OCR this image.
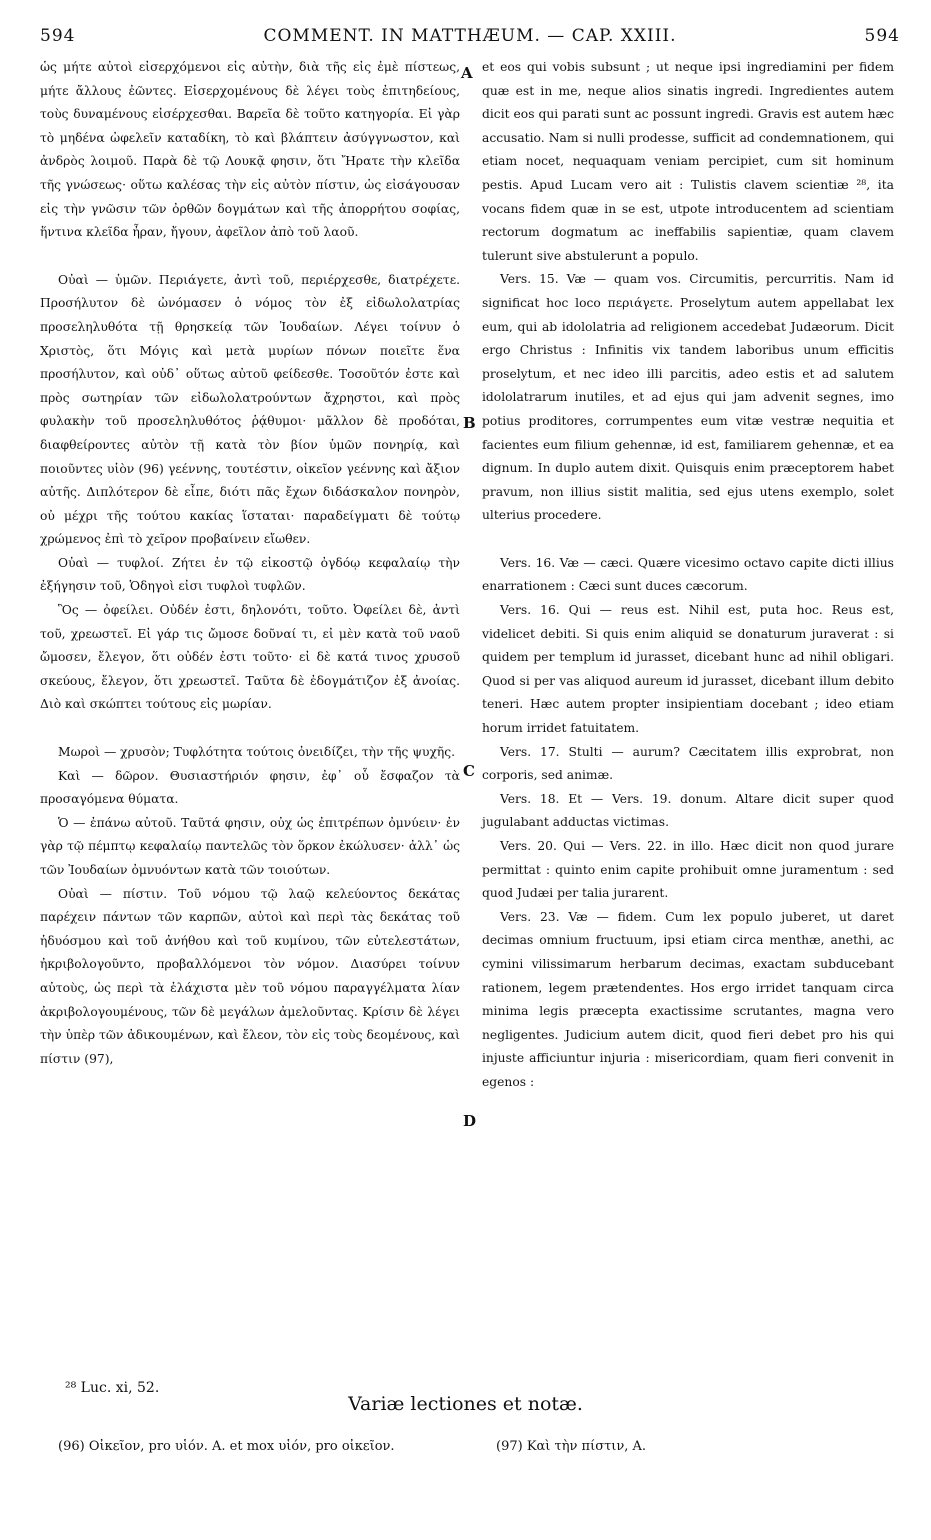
594	COMMENT. IN MATTHÆUM. — CAP. XXIII.	594

ὡς μήτε αὐτοὶ εἰσερχόμενοι εἰς αὐτὴν, διὰ τῆς εἰς ἐμὲ πίστεως, μήτε ἄλλους ἐῶντες. Εἰσερχομένους δὲ λέγει τοὺς ἐπιτηδείους, τοὺς δυναμένους εἰσέρχεσθαι. Βαρεῖα δὲ τοῦτο κατηγορία. Εἰ γὰρ τὸ μηδένα ὠφελεῖν καταδίκη, τὸ καὶ βλάπτειν ἀσύγγνωστον, καὶ ἀνδρὸς λοιμοῦ. Παρὰ δὲ τῷ Λουκᾷ φησιν, ὅτι Ἤρατε τὴν κλεῖδα τῆς γνώσεως· οὕτω καλέσας τὴν εἰς αὐτὸν πίστιν, ὡς εἰσάγουσαν εἰς τὴν γνῶσιν τῶν ὀρθῶν δογμάτων καὶ τῆς ἀπορρήτου σοφίας, ἥντινα κλεῖδα ἦραν, ἤγουν, ἀφεῖλον ἀπὸ τοῦ λαοῦ.

Οὐαὶ — ὑμῶν. Περιάγετε, ἀντὶ τοῦ, περιέρχεσθε, διατρέχετε. Προσήλυτον δὲ ὠνόμασεν ὁ νόμος τὸν ἐξ εἰδωλολατρίας προσεληλυθότα τῇ θρησκείᾳ τῶν Ἰουδαίων. Λέγει τοίνυν ὁ Χριστὸς, ὅτι Μόγις καὶ μετὰ μυρίων πόνων ποιεῖτε ἕνα προσήλυτον, καὶ οὐδ᾽ οὕτως αὐτοῦ φείδεσθε. Τοσοῦτόν ἐστε καὶ πρὸς σωτηρίαν τῶν εἰδωλολατρούντων ἄχρηστοι, καὶ πρὸς φυλακὴν τοῦ προσεληλυθότος ῥᾴθυμοι· μᾶλλον δὲ προδόται, διαφθείροντες αὐτὸν τῇ κατὰ τὸν βίον ὑμῶν πονηρίᾳ, καὶ ποιοῦντες υἱὸν (96) γεέννης, τουτέστιν, οἰκεῖον γεέννης καὶ ἄξιον αὐτῆς. Διπλότερον δὲ εἶπε, διότι πᾶς ἔχων διδάσκαλον πονηρὸν, οὐ μέχρι τῆς τούτου κακίας ἵσταται· παραδείγματι δὲ τούτῳ χρώμενος ἐπὶ τὸ χεῖρον προβαίνειν εἴωθεν.

Οὐαὶ — τυφλοί. Ζήτει ἐν τῷ εἰκοστῷ ὀγδόῳ κεφαλαίῳ τὴν ἐξήγησιν τοῦ, Ὁδηγοὶ εἰσι τυφλοὶ τυφλῶν.

Ὃς — ὀφείλει. Οὐδέν ἐστι, δηλονότι, τοῦτο. Ὀφείλει δὲ, ἀντὶ τοῦ, χρεωστεῖ. Εἰ γάρ τις ὤμοσε δοῦναί τι, εἰ μὲν κατὰ τοῦ ναοῦ ὤμοσεν, ἔλεγον, ὅτι οὐδέν ἐστι τοῦτο· εἰ δὲ κατά τινος χρυσοῦ σκεύους, ἔλεγον, ὅτι χρεωστεῖ. Ταῦτα δὲ ἐδογμάτιζον ἐξ ἀνοίας. Διὸ καὶ σκώπτει τούτους εἰς μωρίαν.

Μωροὶ — χρυσὸν; Τυφλότητα τούτοις ὀνειδίζει, τὴν τῆς ψυχῆς.

Καὶ — δῶρον. Θυσιαστήριόν φησιν, ἐφ᾽ οὗ ἔσφαζον τὰ προσαγόμενα θύματα.

Ὁ — ἐπάνω αὐτοῦ. Ταῦτά φησιν, οὐχ ὡς ἐπιτρέπων ὀμνύειν· ἐν γὰρ τῷ πέμπτῳ κεφαλαίῳ παντελῶς τὸν ὅρκον ἐκώλυσεν· ἀλλ᾽ ὡς τῶν Ἰουδαίων ὀμνυόντων κατὰ τῶν τοιούτων.

Οὐαὶ — πίστιν. Τοῦ νόμου τῷ λαῷ κελεύοντος δεκάτας παρέχειν πάντων τῶν καρπῶν, αὐτοὶ καὶ περὶ τὰς δεκάτας τοῦ ἡδυόσμου καὶ τοῦ ἀνήθου καὶ τοῦ κυμίνου, τῶν εὐτελεστάτων, ἠκριβολογοῦντο, προβαλλόμενοι τὸν νόμον. Διασύρει τοίνυν αὐτοὺς, ὡς περὶ τὰ ἐλάχιστα μὲν τοῦ νόμου παραγγέλματα λίαν ἀκριβολογουμένους, τῶν δὲ μεγάλων ἀμελοῦντας. Κρίσιν δὲ λέγει τὴν ὑπὲρ τῶν ἀδικουμένων, καὶ ἔλεον, τὸν εἰς τοὺς δεομένους, καὶ πίστιν (97),

A
B
C
D

et eos qui vobis subsunt ; ut neque ipsi ingrediamini per fidem quæ est in me, neque alios sinatis ingredi. Ingredientes autem dicit eos qui parati sunt ac possunt ingredi. Gravis est autem hæc accusatio. Nam si nulli prodesse, sufficit ad condemnationem, qui etiam nocet, nequaquam veniam percipiet, cum sit hominum pestis. Apud Lucam vero ait : Tulistis clavem scientiæ ²⁸, ita vocans fidem quæ in se est, utpote introducentem ad scientiam rectorum dogmatum ac ineffabilis sapientiæ, quam clavem tulerunt sive abstulerunt a populo.

Vers. 15. Væ — quam vos. Circumitis, percurritis. Nam id significat hoc loco περιάγετε. Proselytum autem appellabat lex eum, qui ab idololatria ad religionem accedebat Judæorum. Dicit ergo Christus : Infinitis vix tandem laboribus unum efficitis proselytum, et nec ideo illi parcitis, adeo estis et ad salutem idololatrarum inutiles, et ad ejus qui jam advenit segnes, imo potius proditores, corrumpentes eum vitæ vestræ nequitia et facientes eum filium gehennæ, id est, familiarem gehennæ, et ea dignum. In duplo autem dixit. Quisquis enim præceptorem habet pravum, non illius sistit malitia, sed ejus utens exemplo, solet ulterius procedere.

Vers. 16. Væ — cæci. Quære vicesimo octavo capite dicti illius enarrationem : Cæci sunt duces cæcorum.

Vers. 16. Qui — reus est. Nihil est, puta hoc. Reus est, videlicet debiti. Si quis enim aliquid se donaturum juraverat : si quidem per templum id jurasset, dicebant hunc ad nihil obligari. Quod si per vas aliquod aureum id jurasset, dicebant illum debito teneri. Hæc autem propter insipientiam docebant ; ideo etiam horum irridet fatuitatem.

Vers. 17. Stulti — aurum? Cæcitatem illis exprobrat, non corporis, sed animæ.

Vers. 18. Et — Vers. 19. donum. Altare dicit super quod jugulabant adductas victimas.

Vers. 20. Qui — Vers. 22. in illo. Hæc dicit non quod jurare permittat : quinto enim capite prohibuit omne juramentum : sed quod Judæi per talia jurarent.

Vers. 23. Væ — fidem. Cum lex populo juberet, ut daret decimas omnium fructuum, ipsi etiam circa menthæ, anethi, ac cymini vilissimarum herbarum decimas, exactam subducebant rationem, legem prætendentes. Hos ergo irridet tanquam circa minima legis præcepta exactissime scrutantes, magna vero negligentes. Judicium autem dicit, quod fieri debet pro his qui injuste afficiuntur injuria : misericordiam, quam fieri convenit in egenos :

²⁸ Luc. xi, 52.
Variæ lectiones et notæ.
(96) Οἰκεῖον, pro υἱόν. A. et mox υἱόν, pro οἰκεῖον.	(97) Καὶ τὴν πίστιν, A.
